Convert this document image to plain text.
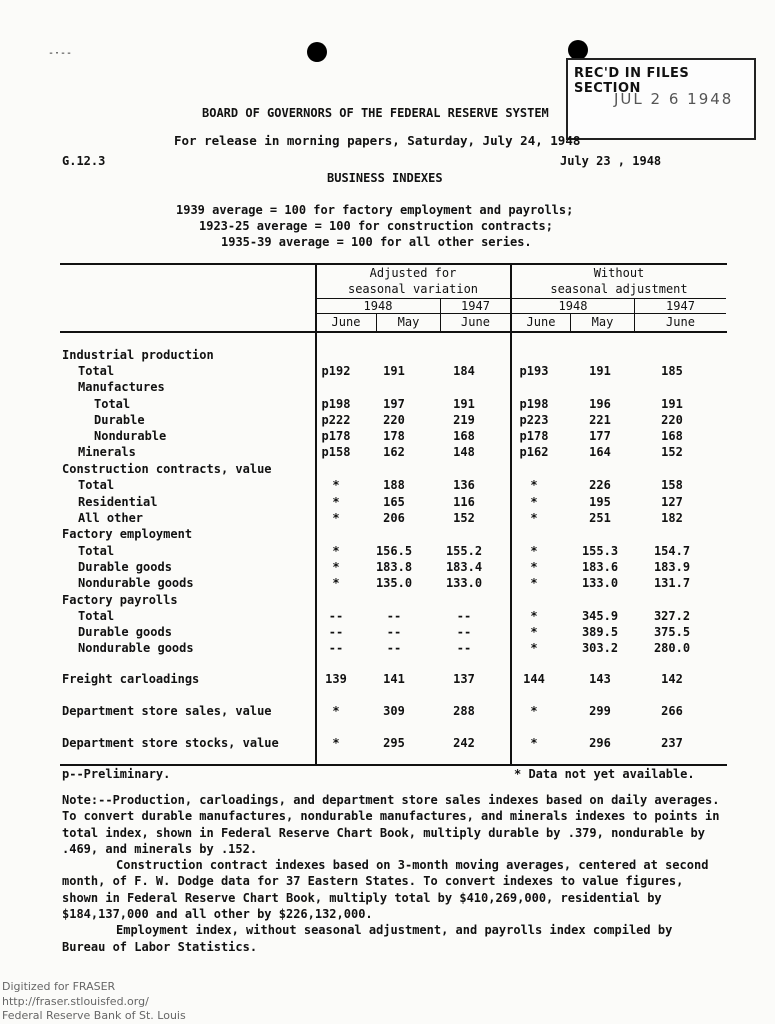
-·--
REC'D IN FILES SECTION
JUL 2 6 1948
BOARD OF GOVERNORS OF THE FEDERAL RESERVE SYSTEM
For release in morning papers, Saturday, July 24, 1948
G.12.3	July 23 , 1948
BUSINESS INDEXES
1939 average = 100 for factory employment and payrolls;
1923-25 average = 100 for construction contracts;
1935-39 average = 100 for all other series.
Adjusted for
seasonal variation
Without
seasonal adjustment
1948	1947	1948	1947
June	May	June	June	May	June
Industrial production
Total	p192	191	184	p193	191	185
Manufactures
Total	p198	197	191	p198	196	191
Durable	p222	220	219	p223	221	220
Nondurable	p178	178	168	p178	177	168
Minerals	p158	162	148	p162	164	152
Construction contracts, value
Total	*	188	136	*	226	158
Residential	*	165	116	*	195	127
All other	*	206	152	*	251	182
Factory employment
Total	*	156.5	155.2	*	155.3	154.7
Durable goods	*	183.8	183.4	*	183.6	183.9
Nondurable goods	*	135.0	133.0	*	133.0	131.7
Factory payrolls
Total	--	--	--	*	345.9	327.2
Durable goods	--	--	--	*	389.5	375.5
Nondurable goods	--	--	--	*	303.2	280.0
Freight carloadings	139	141	137	144	143	142
Department store sales, value	*	309	288	*	299	266
Department store stocks, value	*	295	242	*	296	237
p--Preliminary.	* Data not yet available.

Note:--Production, carloadings, and department store sales indexes based on daily averages. To convert durable manufactures, nondurable manufactures, and minerals indexes to points in total index, shown in Federal Reserve Chart Book, multiply durable by .379, nondurable by .469, and minerals by .152.

Construction contract indexes based on 3-month moving averages, centered at second month, of F. W. Dodge data for 37 Eastern States. To convert indexes to value figures, shown in Federal Reserve Chart Book, multiply total by $410,269,000, residential by $184,137,000 and all other by $226,132,000.

Employment index, without seasonal adjustment, and payrolls index compiled by Bureau of Labor Statistics.

Digitized for FRASER
http://fraser.stlouisfed.org/
Federal Reserve Bank of St. Louis
